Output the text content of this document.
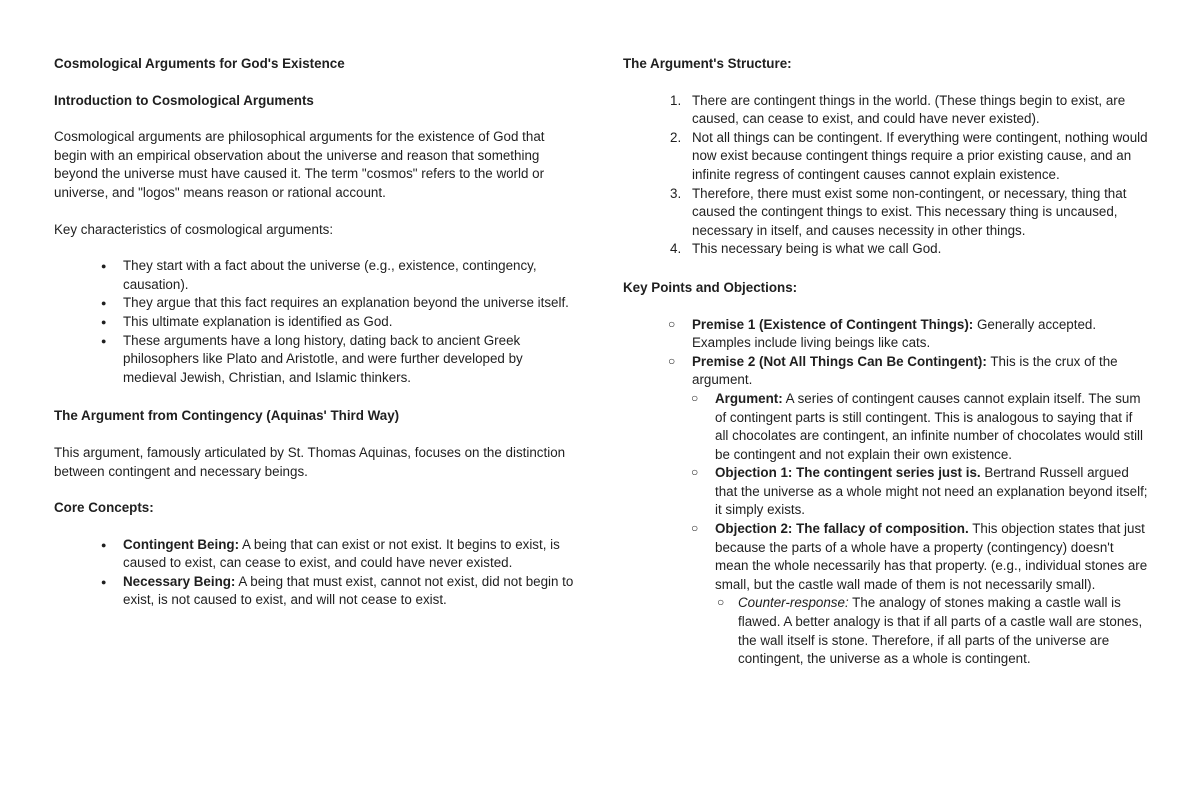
Cosmological Arguments for God's Existence

Introduction to Cosmological Arguments

Cosmological arguments are philosophical arguments for the existence of God that begin with an empirical observation about the universe and reason that something beyond the universe must have caused it. The term "cosmos" refers to the world or universe, and "logos" means reason or rational account.

Key characteristics of cosmological arguments:

● They start with a fact about the universe (e.g., existence, contingency, causation).
● They argue that this fact requires an explanation beyond the universe itself.
● This ultimate explanation is identified as God.
● These arguments have a long history, dating back to ancient Greek philosophers like Plato and Aristotle, and were further developed by medieval Jewish, Christian, and Islamic thinkers.

The Argument from Contingency (Aquinas' Third Way)

This argument, famously articulated by St. Thomas Aquinas, focuses on the distinction between contingent and necessary beings.

Core Concepts:

● Contingent Being: A being that can exist or not exist. It begins to exist, is caused to exist, can cease to exist, and could have never existed.
● Necessary Being: A being that must exist, cannot not exist, did not begin to exist, is not caused to exist, and will not cease to exist.

The Argument's Structure:

1. There are contingent things in the world. (These things begin to exist, are caused, can cease to exist, and could have never existed).
2. Not all things can be contingent. If everything were contingent, nothing would now exist because contingent things require a prior existing cause, and an infinite regress of contingent causes cannot explain existence.
3. Therefore, there must exist some non-contingent, or necessary, thing that caused the contingent things to exist. This necessary thing is uncaused, necessary in itself, and causes necessity in other things.
4. This necessary being is what we call God.

Key Points and Objections:

○ Premise 1 (Existence of Contingent Things): Generally accepted. Examples include living beings like cats.
○ Premise 2 (Not All Things Can Be Contingent): This is the crux of the argument.
○ Argument: A series of contingent causes cannot explain itself. The sum of contingent parts is still contingent. This is analogous to saying that if all chocolates are contingent, an infinite number of chocolates would still be contingent and not explain their own existence.
○ Objection 1: The contingent series just is. Bertrand Russell argued that the universe as a whole might not need an explanation beyond itself; it simply exists.
○ Objection 2: The fallacy of composition. This objection states that just because the parts of a whole have a property (contingency) doesn't mean the whole necessarily has that property. (e.g., individual stones are small, but the castle wall made of them is not necessarily small).
○ Counter-response: The analogy of stones making a castle wall is flawed. A better analogy is that if all parts of a castle wall are stones, the wall itself is stone. Therefore, if all parts of the universe are contingent, the universe as a whole is contingent.
